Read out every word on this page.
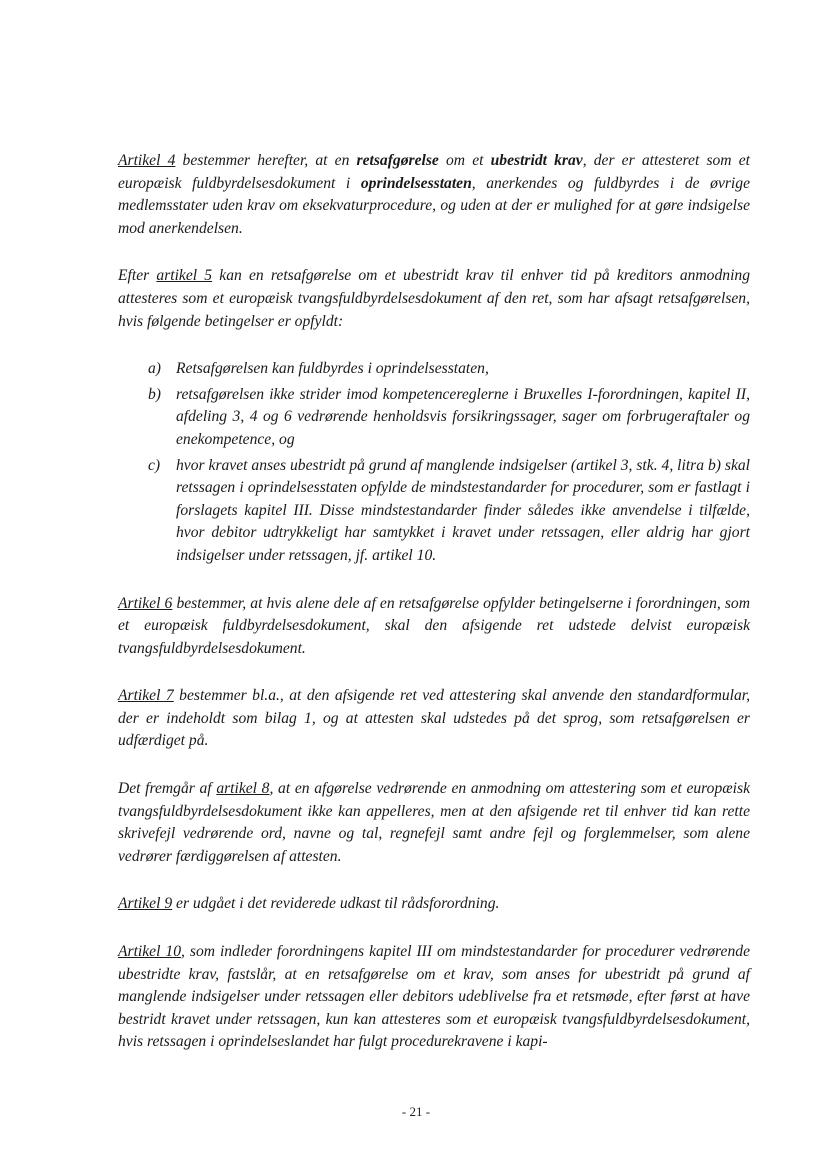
Artikel 4 bestemmer herefter, at en retsafgørelse om et ubestridt krav, der er attesteret som et europæisk fuldbyrdelsesdokument i oprindelsesstaten, anerkendes og fuldbyrdes i de øvrige medlemsstater uden krav om eksekvaturprocedure, og uden at der er mulighed for at gøre indsigelse mod anerkendelsen.

Efter artikel 5 kan en retsafgørelse om et ubestridt krav til enhver tid på kreditors anmodning attesteres som et europæisk tvangsfuldbyrdelsesdokument af den ret, som har afsagt retsafgørelsen, hvis følgende betingelser er opfyldt:

a) Retsafgørelsen kan fuldbyrdes i oprindelsesstaten,
b) retsafgørelsen ikke strider imod kompetencereglerne i Bruxelles I-forordningen, kapitel II, afdeling 3, 4 og 6 vedrørende henholdsvis forsikringssager, sager om forbrugeraftaler og enekompetence, og
c) hvor kravet anses ubestridt på grund af manglende indsigelser (artikel 3, stk. 4, litra b) skal retssagen i oprindelsesstaten opfylde de mindstestandarder for procedurer, som er fastlagt i forslagets kapitel III. Disse mindstestandarder finder således ikke anvendelse i tilfælde, hvor debitor udtrykkeligt har samtykket i kravet under retssagen, eller aldrig har gjort indsigelser under retssagen, jf. artikel 10.

Artikel 6 bestemmer, at hvis alene dele af en retsafgørelse opfylder betingelserne i forordningen, som et europæisk fuldbyrdelsesdokument, skal den afsigende ret udstede delvist europæisk tvangsfuldbyrdelsesdokument.

Artikel 7 bestemmer bl.a., at den afsigende ret ved attestering skal anvende den standardformular, der er indeholdt som bilag 1, og at attesten skal udstedes på det sprog, som retsafgørelsen er udfærdiget på.

Det fremgår af artikel 8, at en afgørelse vedrørende en anmodning om attestering som et europæisk tvangsfuldbyrdelsesdokument ikke kan appelleres, men at den afsigende ret til enhver tid kan rette skrivefejl vedrørende ord, navne og tal, regnefejl samt andre fejl og forglemmelser, som alene vedrører færdiggørelsen af attesten.

Artikel 9 er udgået i det reviderede udkast til rådsforordning.

Artikel 10, som indleder forordningens kapitel III om mindstestandarder for procedurer vedrørende ubestridte krav, fastslår, at en retsafgørelse om et krav, som anses for ubestridt på grund af manglende indsigelser under retssagen eller debitors udeblivelse fra et retsmøde, efter først at have bestridt kravet under retssagen, kun kan attesteres som et europæisk tvangsfuldbyrdelsesdokument, hvis retssagen i oprindelseslandet har fulgt procedurekravene i kapi-

- 21 -
